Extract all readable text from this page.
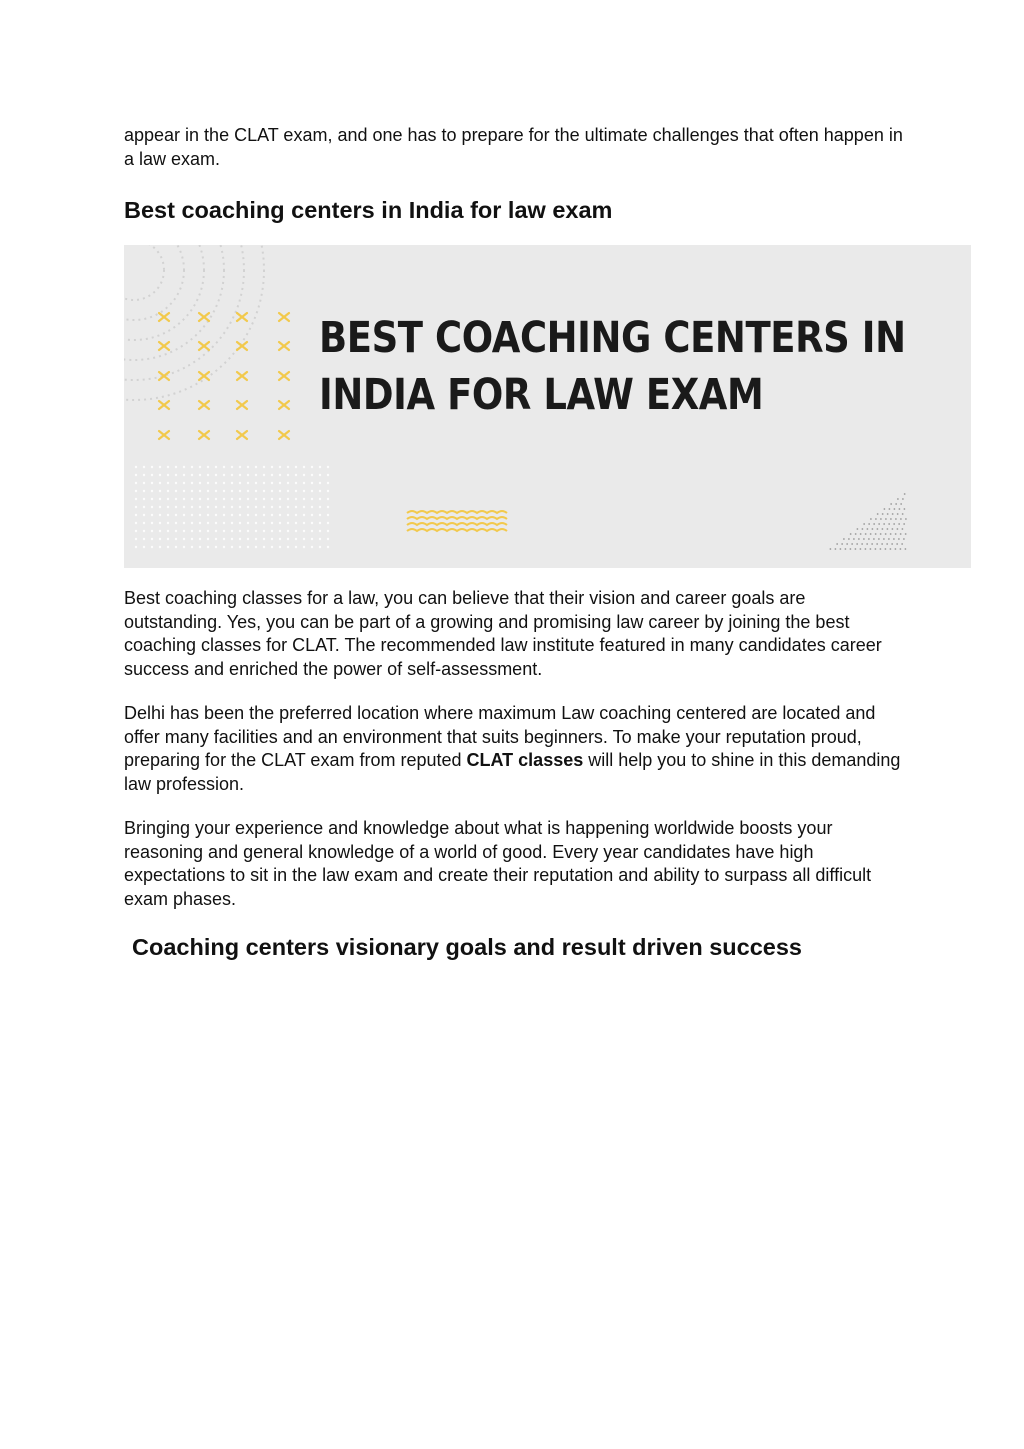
appear in the CLAT exam, and one has to prepare for the ultimate challenges that often happen in a law exam.

Best coaching centers in India for law exam
BEST COACHING CENTERS IN
INDIA FOR LAW EXAM

Best coaching classes for a law, you can believe that their vision and career goals are outstanding. Yes, you can be part of a growing and promising law career by joining the best coaching classes for CLAT. The recommended law institute featured in many candidates career success and enriched the power of self-assessment.

Delhi has been the preferred location where maximum Law coaching centered are located and offer many facilities and an environment that suits beginners. To make your reputation proud, preparing for the CLAT exam from reputed CLAT classes will help you to shine in this demanding law profession.

Bringing your experience and knowledge about what is happening worldwide boosts your reasoning and general knowledge of a world of good. Every year candidates have high expectations to sit in the law exam and create their reputation and ability to surpass all difficult exam phases.

Coaching centers visionary goals and result driven success
